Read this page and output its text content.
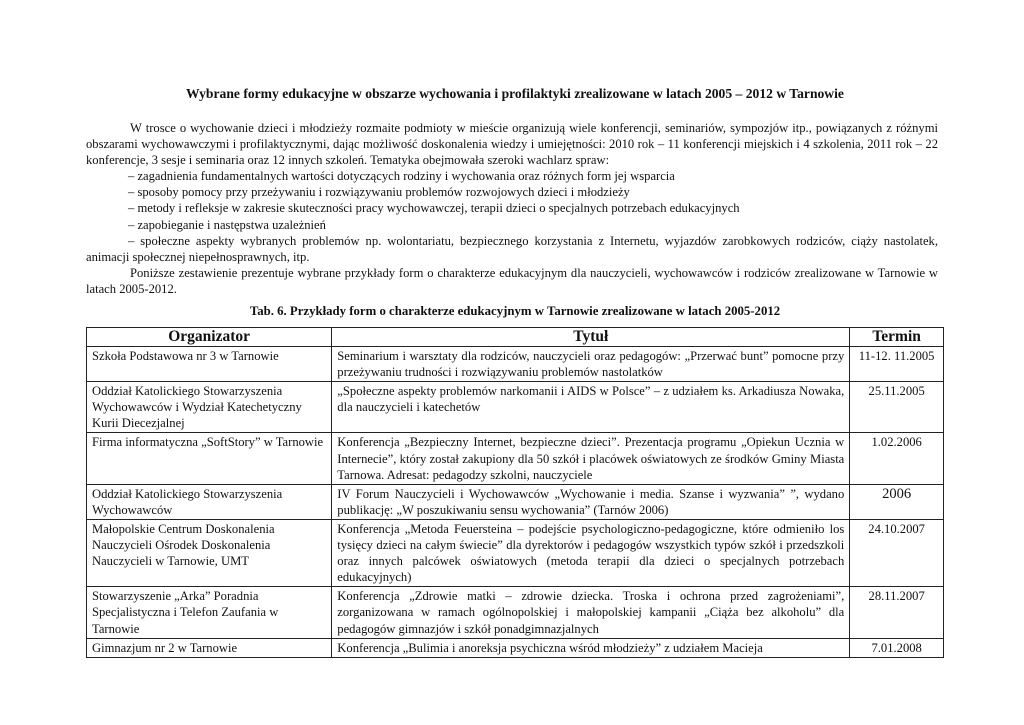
Wybrane formy edukacyjne w obszarze wychowania i profilaktyki zrealizowane w latach 2005 – 2012 w Tarnowie

W trosce o wychowanie dzieci i młodzieży rozmaite podmioty w mieście organizują wiele konferencji, seminariów, sympozjów itp., powiązanych z różnymi obszarami wychowawczymi i profilaktycznymi, dając możliwość doskonalenia wiedzy i umiejętności: 2010 rok – 11 konferencji miejskich i 4 szkolenia, 2011 rok – 22 konferencje, 3 sesje i seminaria oraz 12 innych szkoleń. Tematyka obejmowała szeroki wachlarz spraw:

– zagadnienia fundamentalnych wartości dotyczących rodziny i wychowania oraz różnych form jej wsparcia

– sposoby pomocy przy przeżywaniu i rozwiązywaniu problemów rozwojowych dzieci i młodzieży

– metody i refleksje w zakresie skuteczności pracy wychowawczej, terapii dzieci o specjalnych potrzebach edukacyjnych

– zapobieganie i następstwa uzależnień

– społeczne aspekty wybranych problemów np. wolontariatu, bezpiecznego korzystania z Internetu, wyjazdów zarobkowych rodziców, ciąży nastolatek, animacji społecznej niepełnosprawnych, itp.

Poniższe zestawienie prezentuje wybrane przykłady form o charakterze edukacyjnym dla nauczycieli, wychowawców i rodziców zrealizowane w Tarnowie w latach 2005-2012.

Tab. 6. Przykłady form o charakterze edukacyjnym w Tarnowie zrealizowane w latach 2005-2012

Organizator	Tytuł	Termin
Szkoła Podstawowa nr 3 w Tarnowie	Seminarium i warsztaty dla rodziców, nauczycieli oraz pedagogów: „Przerwać bunt” pomocne przy przeżywaniu trudności i rozwiązywaniu problemów nastolatków	11-12. 11.2005
Oddział Katolickiego Stowarzyszenia Wychowawców i Wydział Katechetyczny Kurii Diecezjalnej	„Społeczne aspekty problemów narkomanii i AIDS w Polsce” – z udziałem ks. Arkadiusza Nowaka, dla nauczycieli i katechetów	25.11.2005
Firma informatyczna „SoftStory” w Tarnowie	Konferencja „Bezpieczny Internet, bezpieczne dzieci”. Prezentacja programu „Opiekun Ucznia w Internecie”, który został zakupiony dla 50 szkół i placówek oświatowych ze środków Gminy Miasta Tarnowa. Adresat: pedagodzy szkolni, nauczyciele	1.02.2006
Oddział Katolickiego Stowarzyszenia Wychowawców	IV Forum Nauczycieli i Wychowawców „Wychowanie i media. Szanse i wyzwania” ”, wydano publikację: „W poszukiwaniu sensu wychowania” (Tarnów 2006)	2006
Małopolskie Centrum Doskonalenia Nauczycieli Ośrodek Doskonalenia Nauczycieli w Tarnowie, UMT	Konferencja „Metoda Feuersteina – podejście psychologiczno-pedagogiczne, które odmieniło los tysięcy dzieci na całym świecie” dla dyrektorów i pedagogów wszystkich typów szkół i przedszkoli oraz innych palcówek oświatowych (metoda terapii dla dzieci o specjalnych potrzebach edukacyjnych)	24.10.2007
Stowarzyszenie „Arka” Poradnia Specjalistyczna i Telefon Zaufania w Tarnowie	Konferencja „Zdrowie matki – zdrowie dziecka. Troska i ochrona przed zagrożeniami”, zorganizowana w ramach ogólnopolskiej i małopolskiej kampanii „Ciąża bez alkoholu” dla pedagogów gimnazjów i szkół ponadgimnazjalnych	28.11.2007
Gimnazjum nr 2 w Tarnowie	Konferencja „Bulimia i anoreksja psychiczna wśród młodzieży” z udziałem Macieja	7.01.2008
